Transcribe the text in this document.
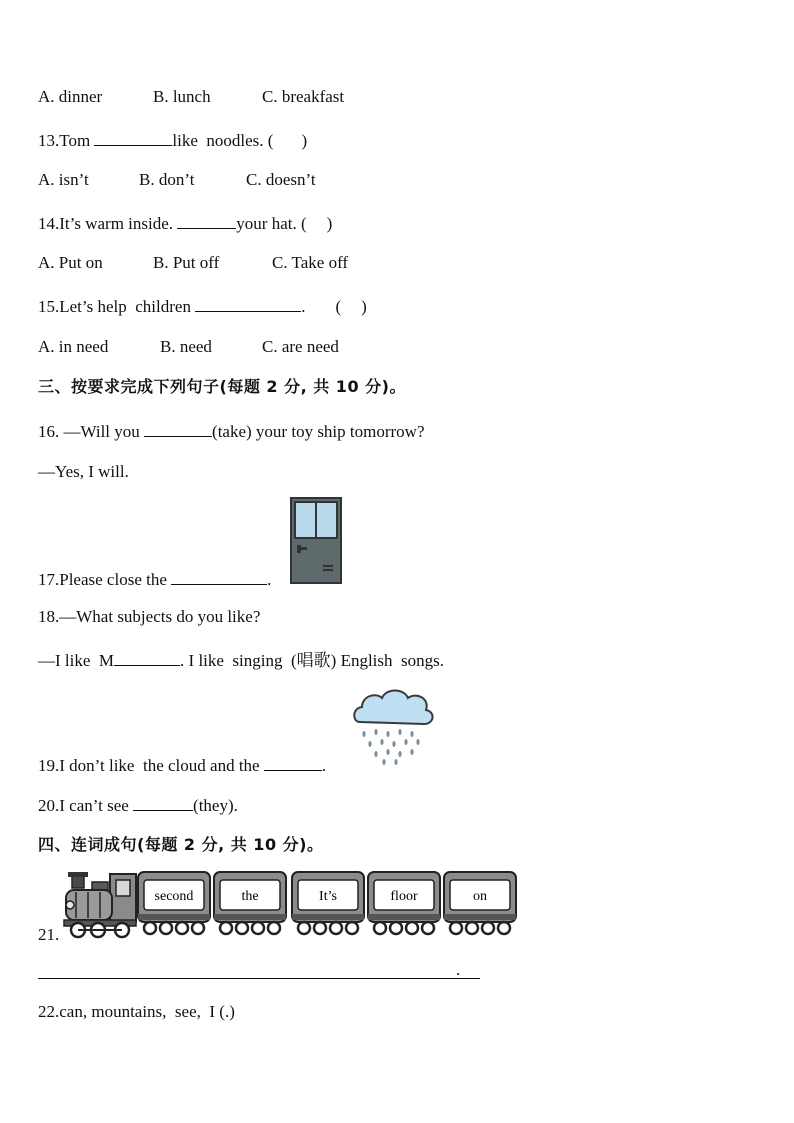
A. dinner	B. lunch	C. breakfast
13.Tom	like  noodles. ( )
A. isn’t	B. don’t	C. doesn’t
14.It’s warm inside.	your hat. ( )
A. Put on	B. Put off	C. Take off
15.Let’s help  children	. ( )
A. in need	B. need	C. are need
三、按要求完成下列句子(每题 2 分, 共 10 分)。
16. —Will you	(take) your toy ship tomorrow?
—Yes, I will.
17.Please close the	.
18.—What subjects do you like?
—I like  M	. I like  singing  (唱歌) English  songs.
19.I don’t like  the cloud and the	.
20.I can’t see	(they).
四、连词成句(每题 2 分, 共 10 分)。
21.
second	the	It’s	floor	on
.
22.can, mountains,  see,  I (.)
